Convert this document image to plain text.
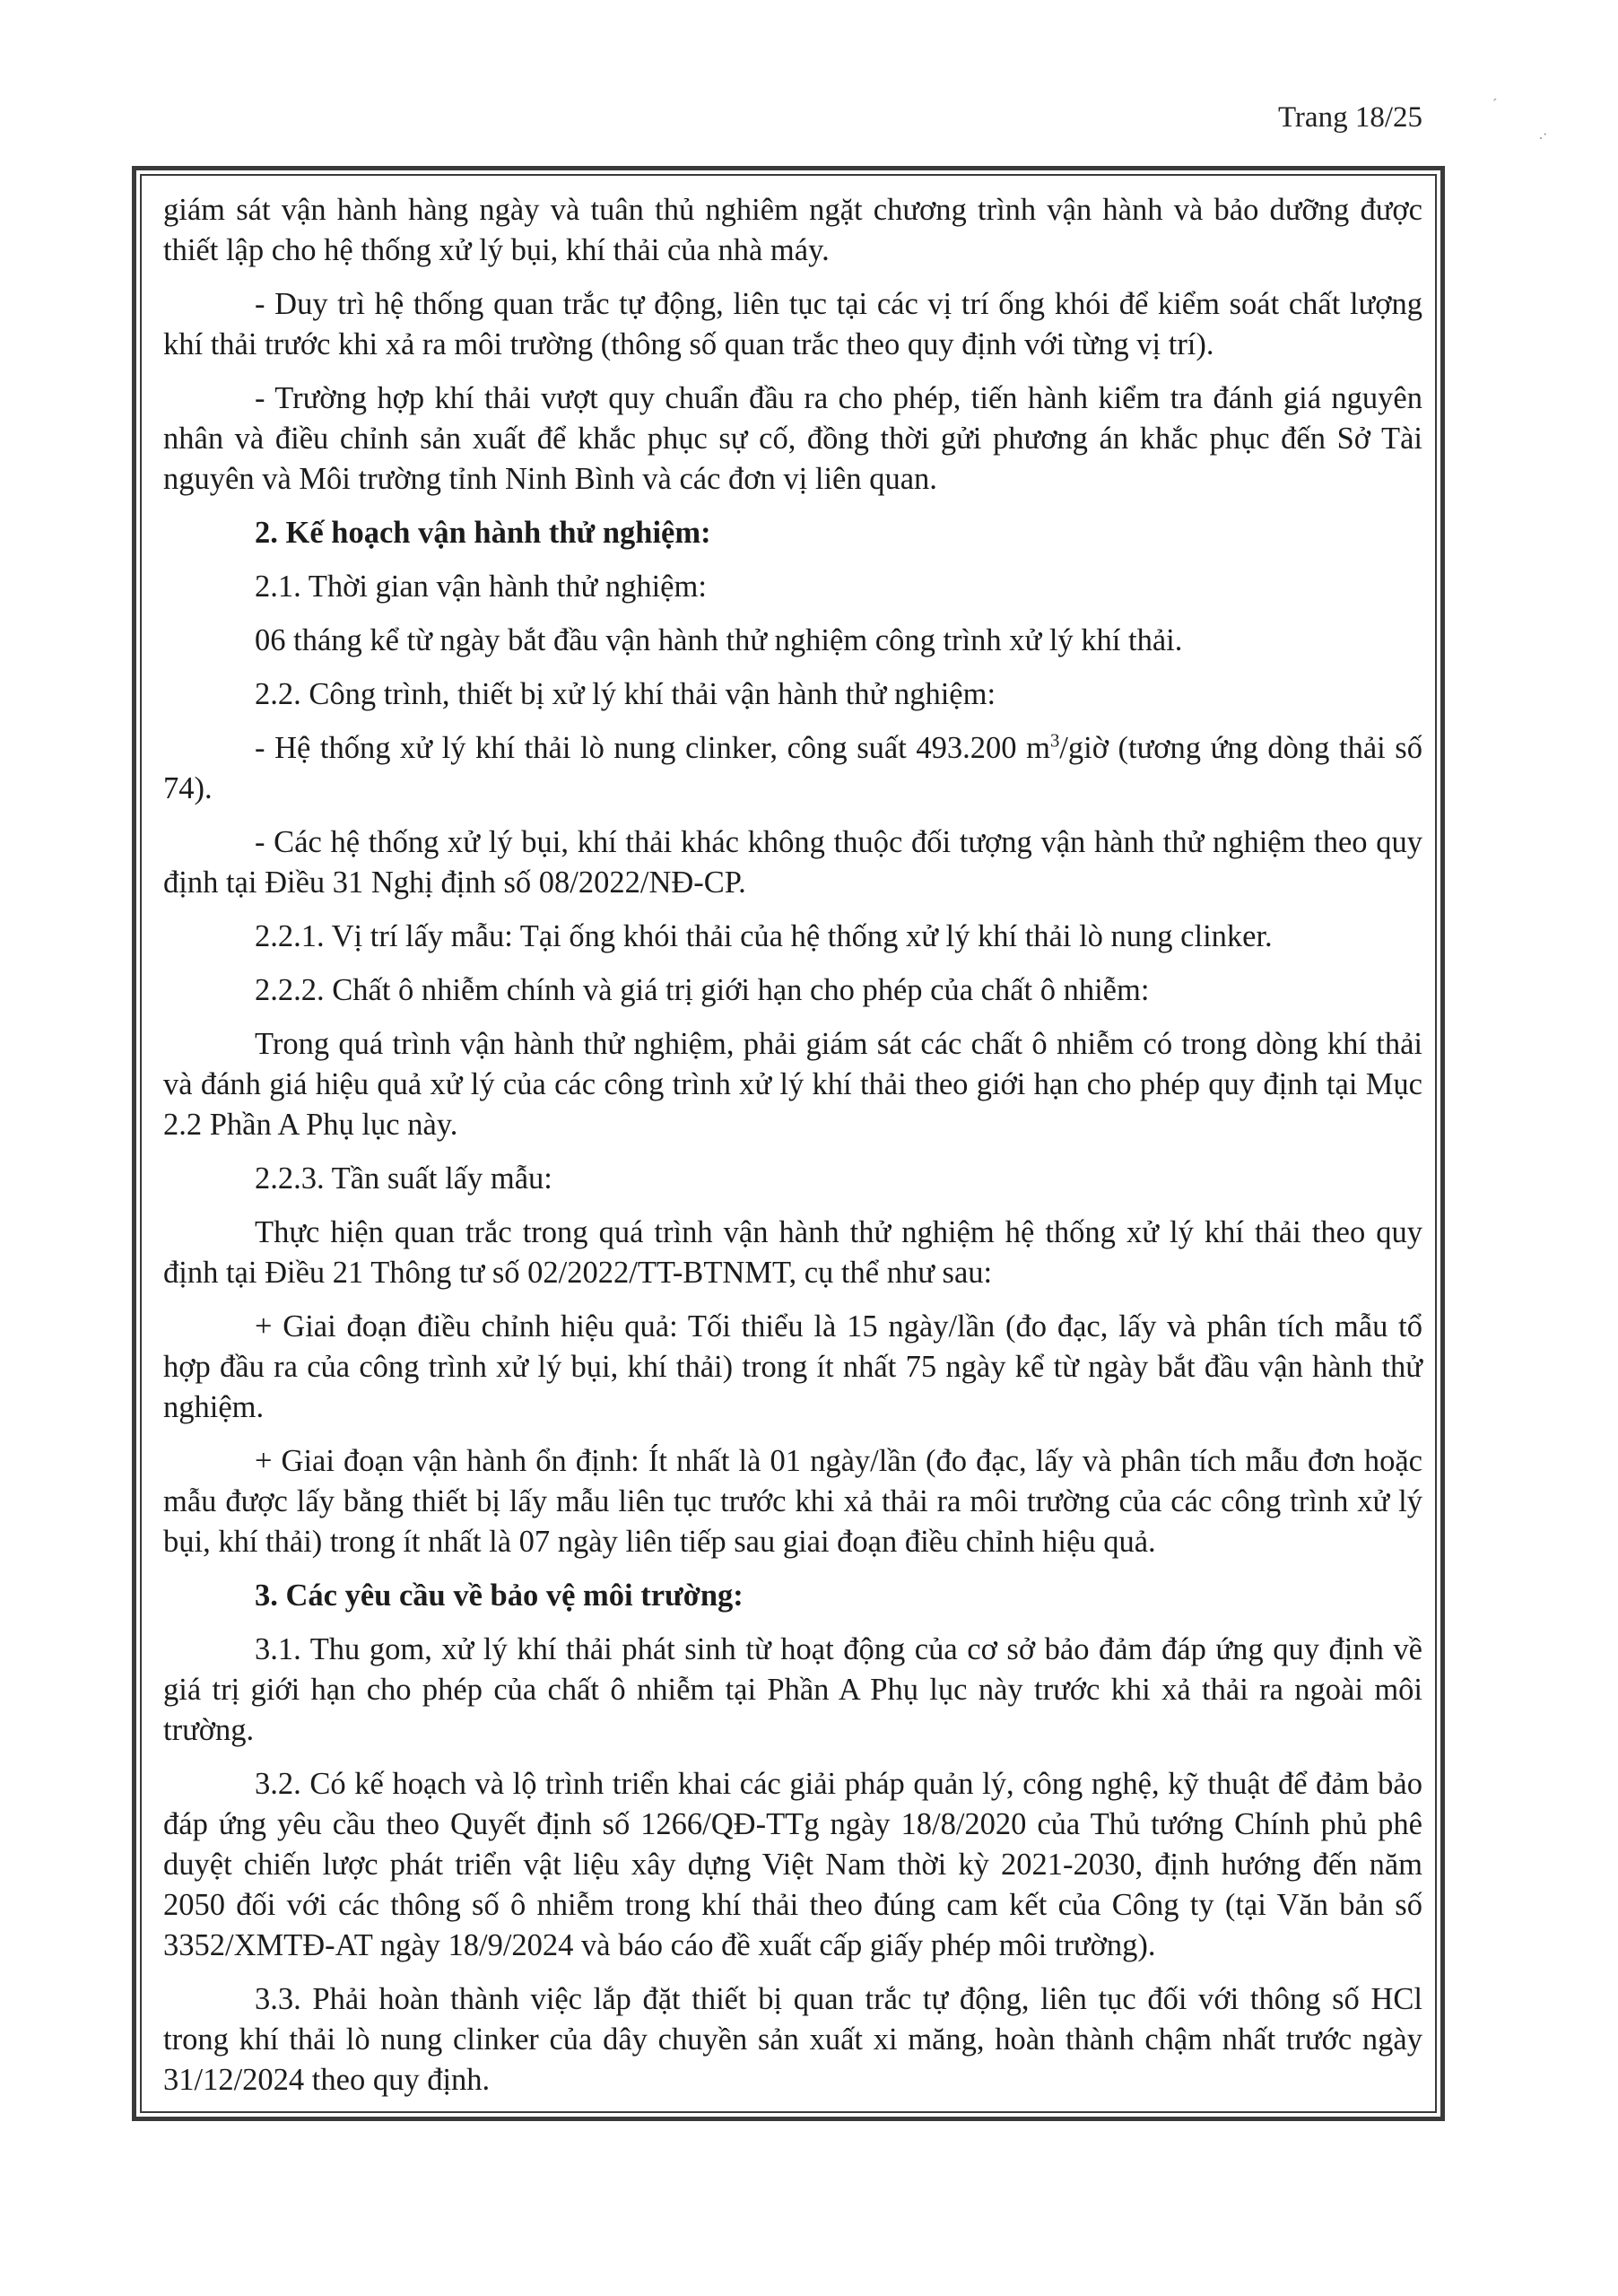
Trang 18/25	´
.·

giám sát vận hành hàng ngày và tuân thủ nghiêm ngặt chương trình vận hành và bảo dưỡng được thiết lập cho hệ thống xử lý bụi, khí thải của nhà máy.

- Duy trì hệ thống quan trắc tự động, liên tục tại các vị trí ống khói để kiểm soát chất lượng khí thải trước khi xả ra môi trường (thông số quan trắc theo quy định với từng vị trí).

- Trường hợp khí thải vượt quy chuẩn đầu ra cho phép, tiến hành kiểm tra đánh giá nguyên nhân và điều chỉnh sản xuất để khắc phục sự cố, đồng thời gửi phương án khắc phục đến Sở Tài nguyên và Môi trường tỉnh Ninh Bình và các đơn vị liên quan.

2. Kế hoạch vận hành thử nghiệm:

2.1. Thời gian vận hành thử nghiệm:

06 tháng kể từ ngày bắt đầu vận hành thử nghiệm công trình xử lý khí thải.

2.2. Công trình, thiết bị xử lý khí thải vận hành thử nghiệm:

- Hệ thống xử lý khí thải lò nung clinker, công suất 493.200 $m^3$/giờ (tương ứng dòng thải số 74).

- Các hệ thống xử lý bụi, khí thải khác không thuộc đối tượng vận hành thử nghiệm theo quy định tại Điều 31 Nghị định số 08/2022/NĐ-CP.

2.2.1. Vị trí lấy mẫu: Tại ống khói thải của hệ thống xử lý khí thải lò nung clinker.

2.2.2. Chất ô nhiễm chính và giá trị giới hạn cho phép của chất ô nhiễm:

Trong quá trình vận hành thử nghiệm, phải giám sát các chất ô nhiễm có trong dòng khí thải và đánh giá hiệu quả xử lý của các công trình xử lý khí thải theo giới hạn cho phép quy định tại Mục 2.2 Phần A Phụ lục này.

2.2.3. Tần suất lấy mẫu:

Thực hiện quan trắc trong quá trình vận hành thử nghiệm hệ thống xử lý khí thải theo quy định tại Điều 21 Thông tư số 02/2022/TT-BTNMT, cụ thể như sau:

+ Giai đoạn điều chỉnh hiệu quả: Tối thiểu là 15 ngày/lần (đo đạc, lấy và phân tích mẫu tổ hợp đầu ra của công trình xử lý bụi, khí thải) trong ít nhất 75 ngày kể từ ngày bắt đầu vận hành thử nghiệm.

+ Giai đoạn vận hành ổn định: Ít nhất là 01 ngày/lần (đo đạc, lấy và phân tích mẫu đơn hoặc mẫu được lấy bằng thiết bị lấy mẫu liên tục trước khi xả thải ra môi trường của các công trình xử lý bụi, khí thải) trong ít nhất là 07 ngày liên tiếp sau giai đoạn điều chỉnh hiệu quả.

3. Các yêu cầu về bảo vệ môi trường:

3.1. Thu gom, xử lý khí thải phát sinh từ hoạt động của cơ sở bảo đảm đáp ứng quy định về giá trị giới hạn cho phép của chất ô nhiễm tại Phần A Phụ lục này trước khi xả thải ra ngoài môi trường.

3.2. Có kế hoạch và lộ trình triển khai các giải pháp quản lý, công nghệ, kỹ thuật để đảm bảo đáp ứng yêu cầu theo Quyết định số 1266/QĐ-TTg ngày 18/8/2020 của Thủ tướng Chính phủ phê duyệt chiến lược phát triển vật liệu xây dựng Việt Nam thời kỳ 2021-2030, định hướng đến năm 2050 đối với các thông số ô nhiễm trong khí thải theo đúng cam kết của Công ty (tại Văn bản số 3352/XMTĐ-AT ngày 18/9/2024 và báo cáo đề xuất cấp giấy phép môi trường).

3.3. Phải hoàn thành việc lắp đặt thiết bị quan trắc tự động, liên tục đối với thông số HCl trong khí thải lò nung clinker của dây chuyền sản xuất xi măng, hoàn thành chậm nhất trước ngày 31/12/2024 theo quy định.
